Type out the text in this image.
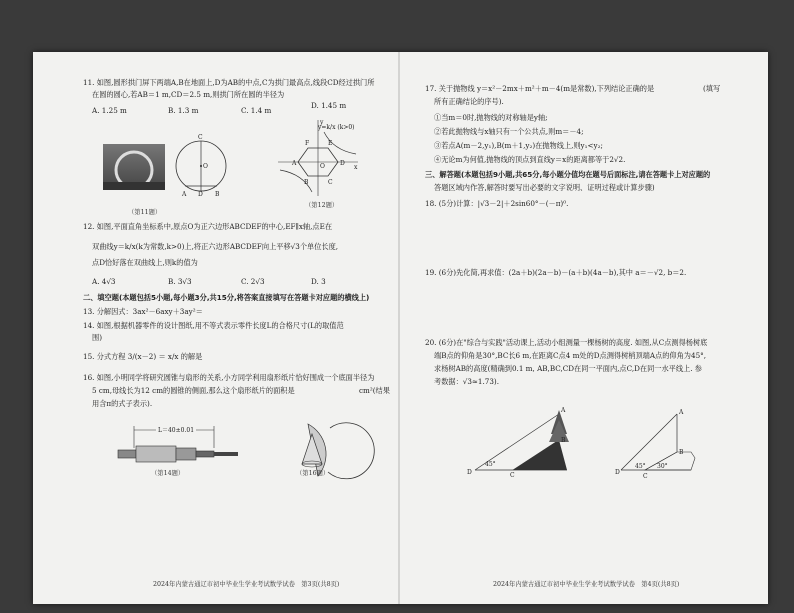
11. 如图,圆形拱门屏下两端A,B在地面上,D为AB的中点,C为拱门最高点,线段CD经过拱门所
在圆的圆心,若AB＝1 m,CD＝2.5 m,则拱门所在圆的半径为
A. 1.25 m	B. 1.3 m	C. 1.4 m
D. 1.45 m
C
O
A D B
（第11题）
F	E
A	D
B	C
O	x
y
y=k/x (k>0)
（第12题）
12. 如图,平面直角坐标系中,原点O为正六边形ABCDEF的中心,EF∥x轴,点E在
双曲线y＝k/x(k为常数,k>0)上,将正六边形ABCDEF向上平移√3个单位长度,
点D恰好落在双曲线上,则k的值为
A. 4√3	B. 3√3	C. 2√3	D. 3
二、填空题(本题包括5小题,每小题3分,共15分,将答案直接填写在答题卡对应题的横线上)
13. 分解因式：3ax²－6axy＋3ay²＝
14. 如图,根据机器零件的设计图纸,用不等式表示零件长度L的合格尺寸(L的取值范
围)
15. 分式方程 3/(x－2) ＝ x/x 的解是
16. 如图,小明同学将研究圆锥与扇形的关系,小方同学利用扇形纸片恰好围成一个底面半径为
5 cm,母线长为12 cm的圆锥的侧面,那么这个扇形纸片的面积是	cm²(结果
用含π的式子表示).
L＝40±0.01
（第14题）	（第16题）
2024年内蒙古通辽市初中毕业生学业考试数学试卷　第3页(共8页)
17. 关于抛物线 y＝x²－2mx＋m²＋m－4(m是常数),下列结论正确的是	(填写
所有正确结论的序号).
①当m＝0时,抛物线的对称轴是y轴;
②若此抛物线与x轴只有一个公共点,则m＝－4;
③若点A(m－2,y₁),B(m＋1,y₂)在抛物线上,则y₁<y₂;
④无论m为何值,抛物线的顶点到直线y＝x的距离都等于2√2.
三、解答题(本题包括9小题,共65分,每小题分值均在题号后面标注,请在答题卡上对应题的
答题区域内作答,解答时要写出必要的文字说明、证明过程或计算步骤)
18. (5分)计算：|√3－2|＋2sin60°－(－π)⁰.
19. (6分)先化简,再求值：(2a＋b)(2a－b)－(a＋b)(4a－b),其中 a＝－√2, b＝2.
20. (6分)在"综合与实践"活动课上,活动小组测量一棵杨树的高度. 如图,从C点测得杨树底
端B点的仰角是30°,BC长6 m,在距离C点4 m处的D点测得树梢顶端A点的仰角为45°,
求杨树AB的高度(精确到0.1 m, AB,BC,CD在同一平面内,点C,D在同一水平线上. 参
考数据：√3≈1.73).
D	C
A
B
45°
D
C
A
B
45° 30°
2024年内蒙古通辽市初中毕业生学业考试数学试卷　第4页(共8页)
